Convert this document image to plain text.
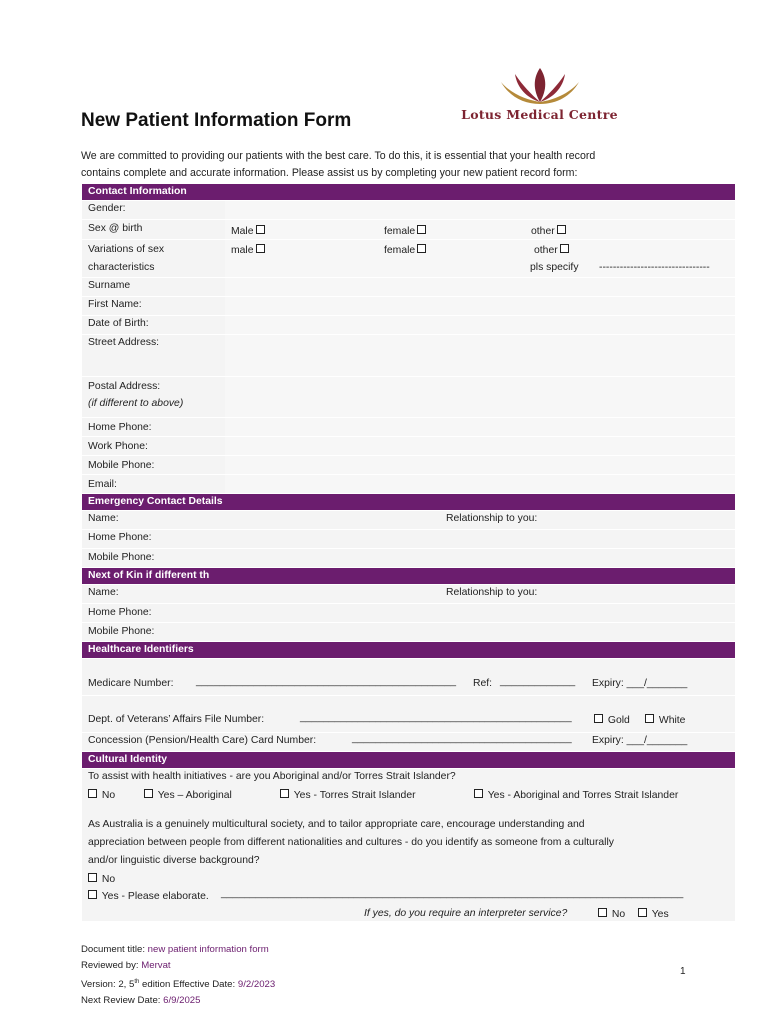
Lotus Medical Centre
New Patient Information Form
We are committed to providing our patients with the best care. To do this, it is essential that your health record
contains complete and accurate information. Please assist us by completing your new patient record form:
Contact Information
Gender:
Sex @ birth	Male	female	other
Variations of sex
characteristics
male	female	other
pls specify --------------------------------
Surname
First Name:
Date of Birth:
Street Address:
Postal Address:
(if different to above)
Home Phone:
Work Phone:
Mobile Phone:
Email:
Emergency Contact Details
Name:	Relationship to you:
Home Phone:
Mobile Phone:
Next of Kin if different th
Name:	Relationship to you:
Home Phone:
Mobile Phone:
Healthcare Identifiers
Medicare Number: _____________________________________________ Ref: _____________ Expiry: ___/_______
Dept. of Veterans’ Affairs File Number:	_______________________________________________	Gold	White
Concession (Pension/Health Care) Card Number:	______________________________________ Expiry: ___/_______
Cultural Identity
To assist with health initiatives - are you Aboriginal and/or Torres Strait Islander?
No	Yes – Aboriginal	Yes - Torres Strait Islander	Yes - Aboriginal and Torres Strait Islander
As Australia is a genuinely multicultural society, and to tailor appropriate care, encourage understanding and
appreciation between people from different nationalities and cultures - do you identify as someone from a culturally
and/or linguistic diverse background?
No
Yes - Please elaborate. ________________________________________________________________________________
If yes, do you require an interpreter service?	No	Yes
Document title: new patient information form
Reviewed by: Mervat
Version: 2, 5th edition Effective Date: 9/2/2023
Next Review Date: 6/9/2025
1
